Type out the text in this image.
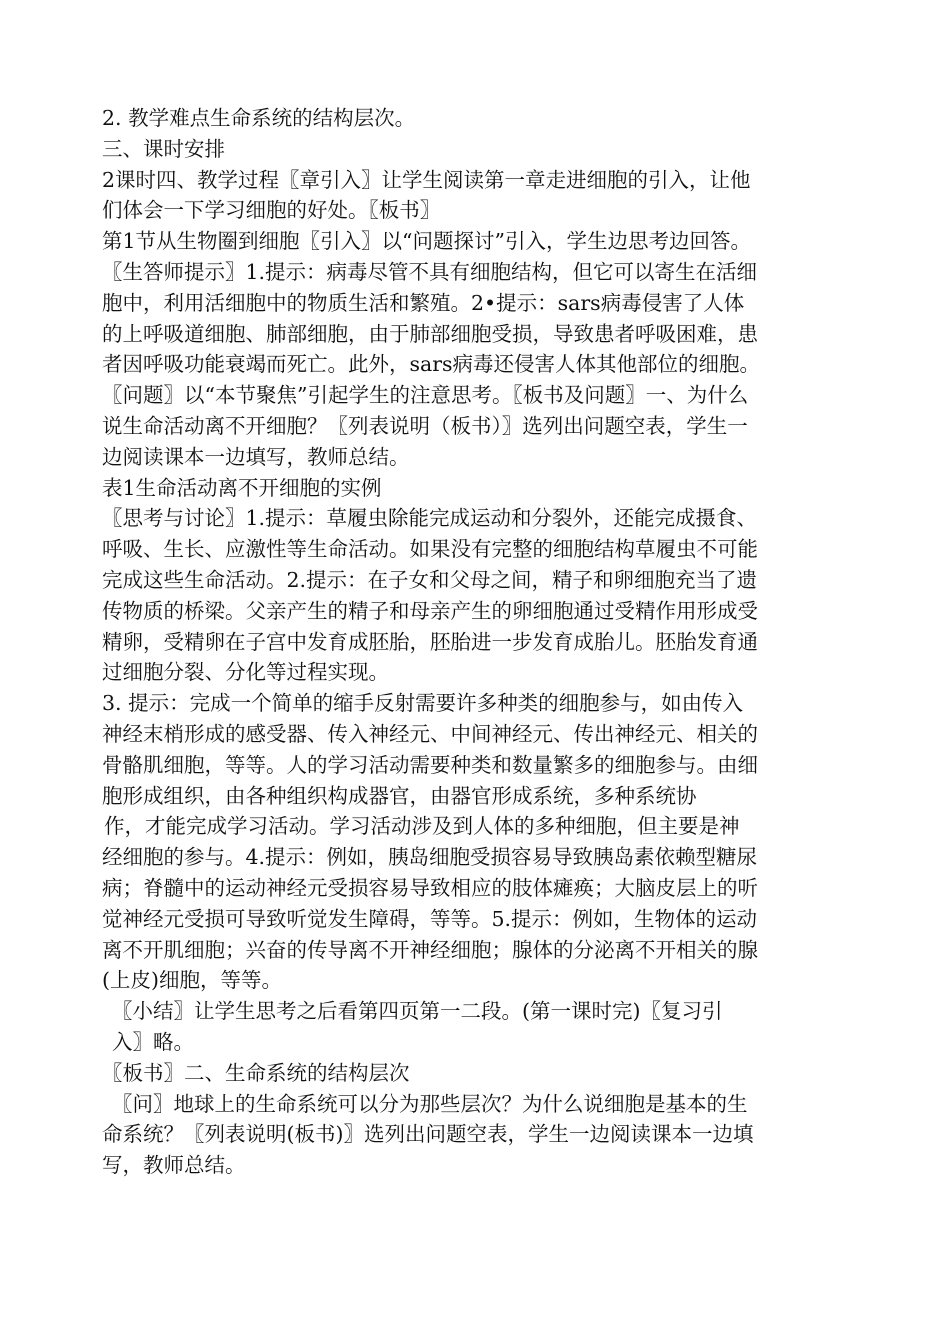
2. 教学难点生命系统的结构层次。
三、课时安排
2课时四、教学过程〖章引入〗让学生阅读第一章走进细胞的引入，让他
们体会一下学习细胞的好处。〖板书〗
第1节从生物圈到细胞〖引入〗以“问题探讨”引入，学生边思考边回答。
〖生答师提示〗1.提示：病毒尽管不具有细胞结构，但它可以寄生在活细
胞中，利用活细胞中的物质生活和繁殖。2•提示：sars病毒侵害了人体
的上呼吸道细胞、肺部细胞，由于肺部细胞受损，导致患者呼吸困难，患
者因呼吸功能衰竭而死亡。此外，sars病毒还侵害人体其他部位的细胞。
〖问题〗以“本节聚焦”引起学生的注意思考。〖板书及问题〗一、为什么
说生命活动离不开细胞？〖列表说明（板书）〗选列出问题空表，学生一
边阅读课本一边填写，教师总结。
表1生命活动离不开细胞的实例
〖思考与讨论〗1.提示：草履虫除能完成运动和分裂外，还能完成摄食、
呼吸、生长、应激性等生命活动。如果没有完整的细胞结构草履虫不可能
完成这些生命活动。2.提示：在子女和父母之间，精子和卵细胞充当了遗
传物质的桥梁。父亲产生的精子和母亲产生的卵细胞通过受精作用形成受
精卵，受精卵在子宫中发育成胚胎，胚胎进一步发育成胎儿。胚胎发育通
过细胞分裂、分化等过程实现。
3. 提示：完成一个简单的缩手反射需要许多种类的细胞参与，如由传入
神经末梢形成的感受器、传入神经元、中间神经元、传出神经元、相关的
骨骼肌细胞，等等。人的学习活动需要种类和数量繁多的细胞参与。由细
胞形成组织，由各种组织构成器官，由器官形成系统，多种系统协
作，才能完成学习活动。学习活动涉及到人体的多种细胞，但主要是神
经细胞的参与。4.提示：例如，胰岛细胞受损容易导致胰岛素依赖型糖尿
病；脊髓中的运动神经元受损容易导致相应的肢体瘫痪；大脑皮层上的听
觉神经元受损可导致听觉发生障碍，等等。5.提示：例如，生物体的运动
离不开肌细胞；兴奋的传导离不开神经细胞；腺体的分泌离不开相关的腺
(上皮)细胞，等等。
〖小结〗让学生思考之后看第四页第一二段。(第一课时完)〖复习引
入〗略。
〖板书〗二、生命系统的结构层次
〖问〗地球上的生命系统可以分为那些层次？为什么说细胞是基本的生
命系统？〖列表说明(板书)〗选列出问题空表，学生一边阅读课本一边填
写，教师总结。
